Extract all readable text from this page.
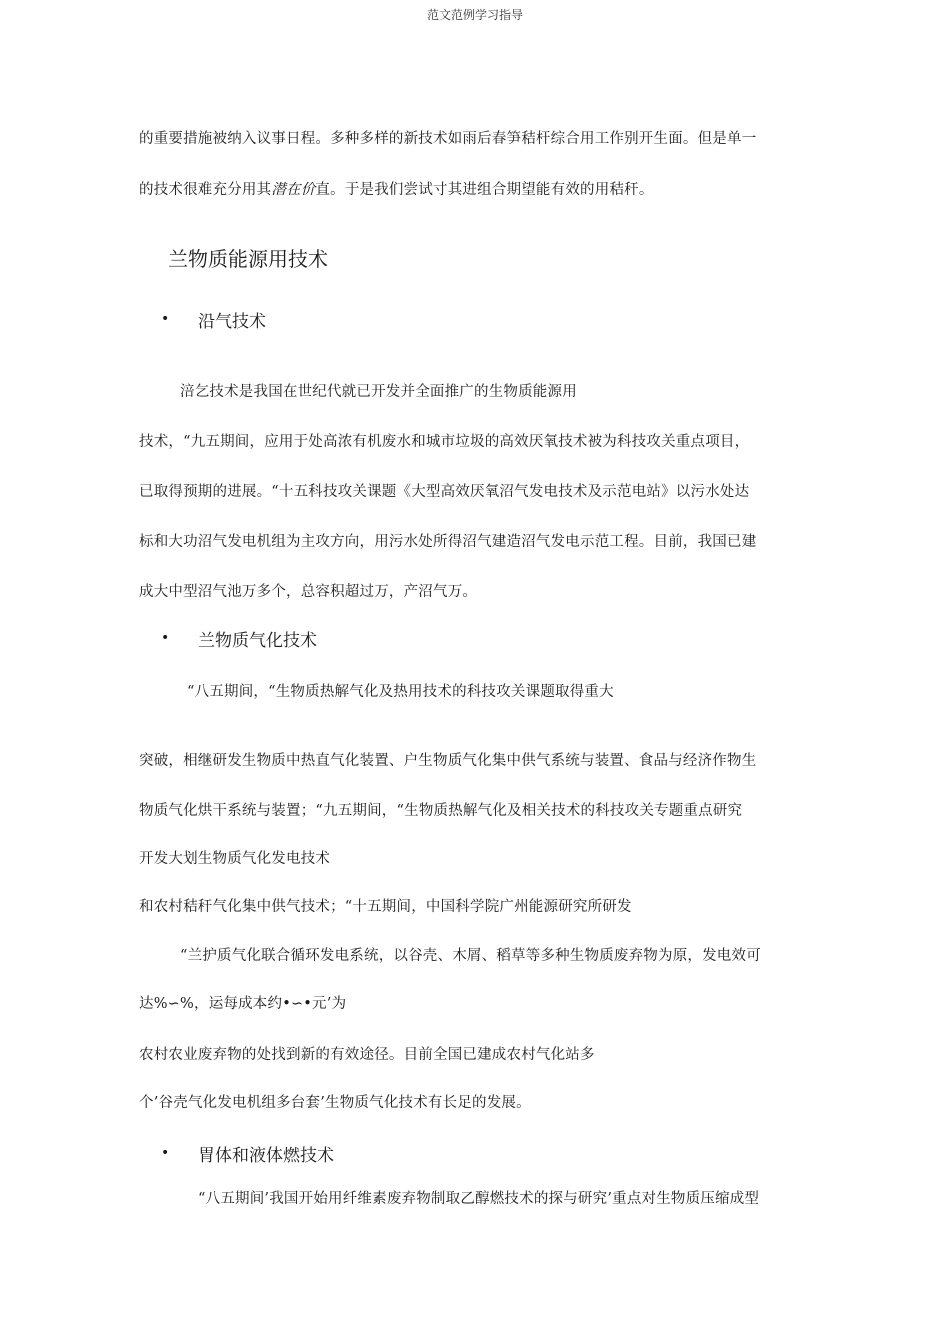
范文范例学习指导
的重要措施被纳入议事日程。多种多样的新技术如雨后春笋秸杆综合用工作别开生面。但是单一
的技术很难充分用其潜在价直。于是我们尝试寸其进组合期望能有效的用秸秆。
兰物质能源用技术
• 沿气技术
涪乞技术是我国在世纪代就已开发并全面推广的生物质能源用
技术，“九五期间，应用于处高浓有机废水和城市垃圾的高效厌氧技术被为科技攻关重点项目，
已取得预期的进展。“十五科技攻关课题《大型高效厌氧沼气发电技术及示范电站》以污水处达
标和大功沼气发电机组为主攻方向，用污水处所得沼气建造沼气发电示范工程。目前，我国已建
成大中型沼气池万多个，总容积超过万，产沼气万。
• 兰物质气化技术
“八五期间，“生物质热解气化及热用技术的科技攻关课题取得重大
突破，相继研发生物质中热直气化装置、户生物质气化集中供气系统与装置、食品与经济作物生
物质气化烘干系统与装置；“九五期间，“生物质热解气化及相关技术的科技攻关专题重点研究
开发大划生物质气化发电技术
和农村秸秆气化集中供气技术；“十五期间，中国科学院广州能源研究所研发
“兰护质气化联合循环发电系统，以谷壳、木屑、稻草等多种生物质废弃物为原，发电效可
达%∽%，运每成本约•∽•元’为
农村农业废弃物的处找到新的有效途径。目前全国已建成农村气化站多
个’谷壳气化发电机组多台套’生物质气化技术有长足的发展。
• 胃体和液体燃技术
“八五期间’我国开始用纤维素废弃物制取乙醇燃技术的探与研究’重点对生物质压缩成型
